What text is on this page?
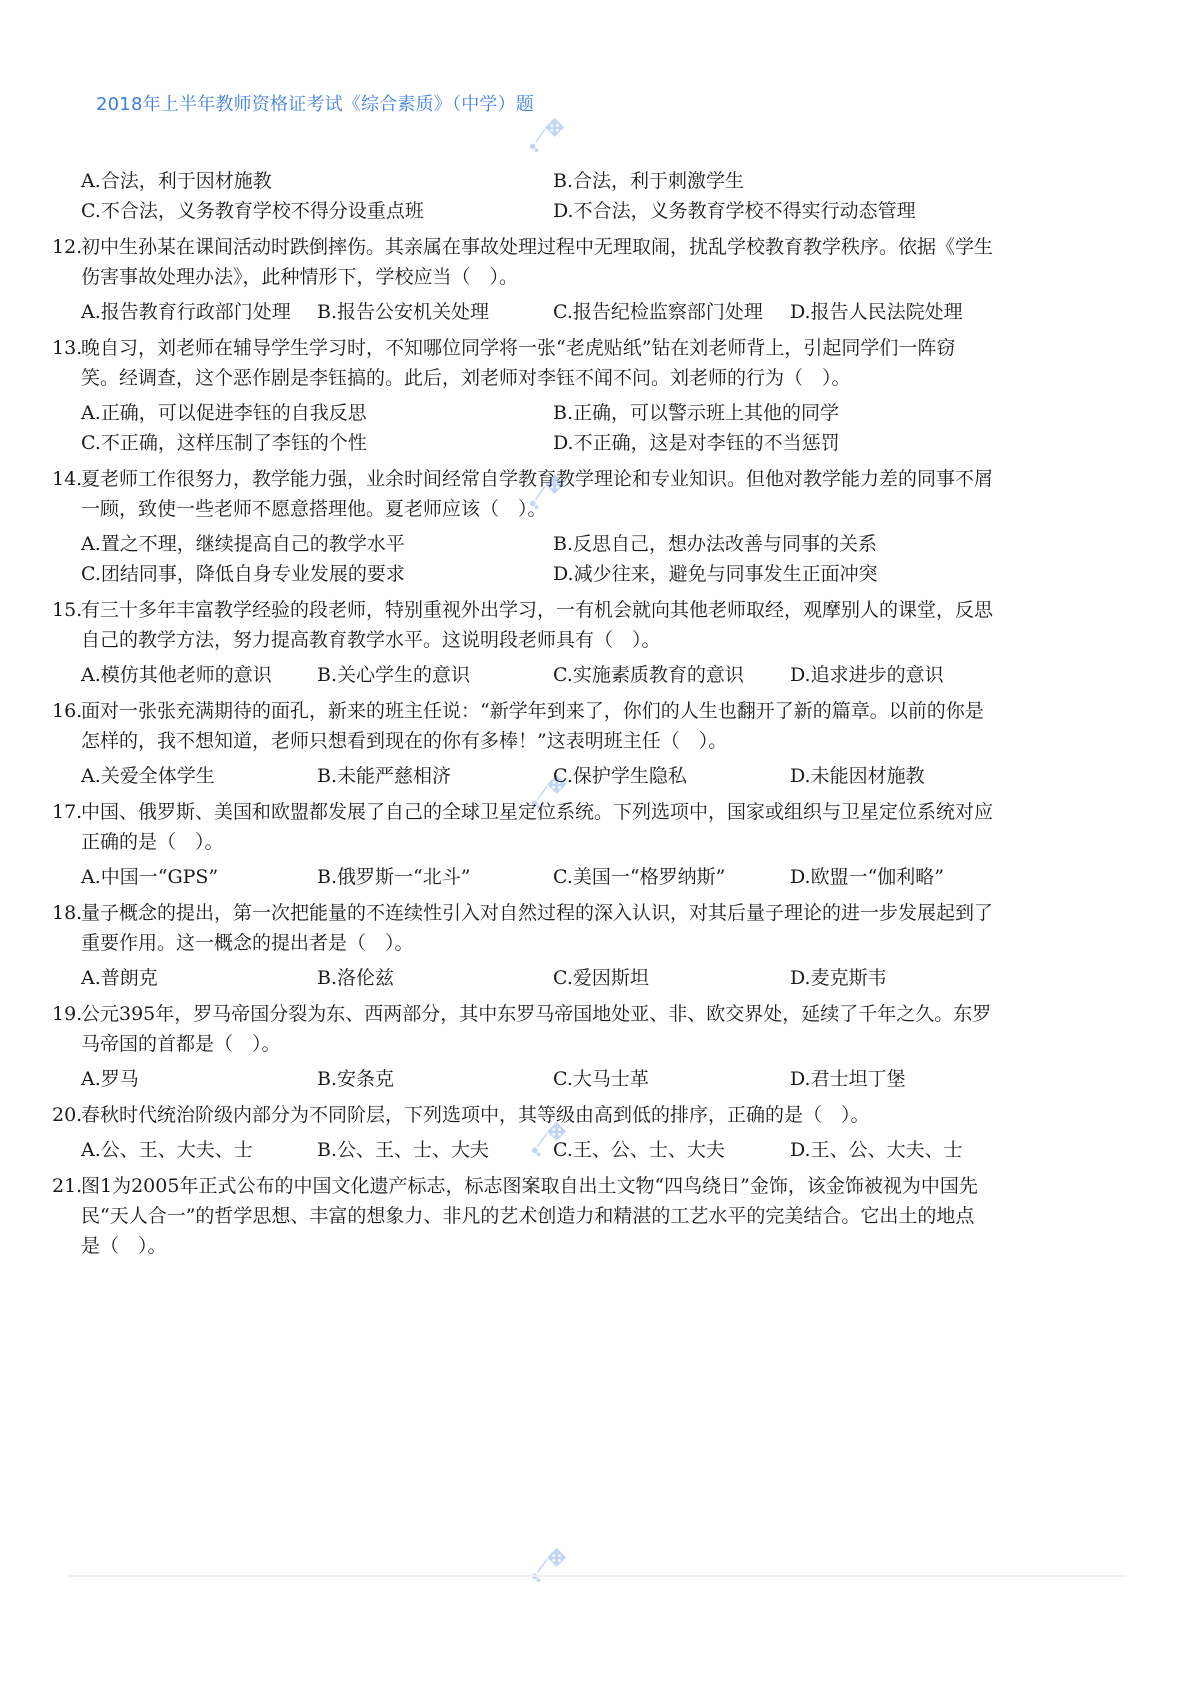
2018年上半年教师资格证考试《综合素质》（中学）题
A.合法，利于因材施教	B.合法，利于刺激学生
C.不合法，义务教育学校不得分设重点班	D.不合法，义务教育学校不得实行动态管理
12.
初中生孙某在课间活动时跌倒摔伤。其亲属在事故处理过程中无理取闹，扰乱学校教育教学秩序。依据《学生
伤害事故处理办法》，此种情形下，学校应当（　）。
A.报告教育行政部门处理 B.报告公安机关处理	C.报告纪检监察部门处理 D.报告人民法院处理
13.
晚自习，刘老师在辅导学生学习时，不知哪位同学将一张“老虎贴纸”钻在刘老师背上，引起同学们一阵窃
笑。经调查，这个恶作剧是李钰搞的。此后，刘老师对李钰不闻不问。刘老师的行为（　）。
A.正确，可以促进李钰的自我反思	B.正确，可以警示班上其他的同学
C.不正确，这样压制了李钰的个性	D.不正确，这是对李钰的不当惩罚
14.
夏老师工作很努力，教学能力强，业余时间经常自学教育教学理论和专业知识。但他对教学能力差的同事不屑
一顾，致使一些老师不愿意搭理他。夏老师应该（　）。
A.置之不理，继续提高自己的教学水平	B.反思自己，想办法改善与同事的关系
C.团结同事，降低自身专业发展的要求	D.减少往来，避免与同事发生正面冲突
15.
有三十多年丰富教学经验的段老师，特别重视外出学习，一有机会就向其他老师取经，观摩别人的课堂，反思
自己的教学方法，努力提高教育教学水平。这说明段老师具有（　）。
A.模仿其他老师的意识 B.关心学生的意识	C.实施素质教育的意识 D.追求进步的意识
16.
面对一张张充满期待的面孔，新来的班主任说：“新学年到来了，你们的人生也翻开了新的篇章。以前的你是
怎样的，我不想知道，老师只想看到现在的你有多棒！”这表明班主任（　）。
A.关爱全体学生	B.未能严慈相济	C.保护学生隐私	D.未能因材施教
17.
中国、俄罗斯、美国和欧盟都发展了自己的全球卫星定位系统。下列选项中，国家或组织与卫星定位系统对应
正确的是（　）。
A.中国一“GPS”	B.俄罗斯一“北斗”	C.美国一“格罗纳斯”	D.欧盟一“伽利略”
18.
量子概念的提出，第一次把能量的不连续性引入对自然过程的深入认识，对其后量子理论的进一步发展起到了
重要作用。这一概念的提出者是（　）。
A.普朗克	B.洛伦兹	C.爱因斯坦	D.麦克斯韦
19.
公元395年，罗马帝国分裂为东、西两部分，其中东罗马帝国地处亚、非、欧交界处，延续了千年之久。东罗
马帝国的首都是（　）。
A.罗马	B.安条克	C.大马士革	D.君士坦丁堡
20.
春秋时代统治阶级内部分为不同阶层，下列选项中，其等级由高到低的排序，正确的是（　）。
A.公、王、大夫、士	B.公、王、士、大夫	C.王、公、士、大夫	D.王、公、大夫、士
21.
图1为2005年正式公布的中国文化遗产标志，标志图案取自出土文物“四鸟绕日”金饰，该金饰被视为中国先
民“天人合一”的哲学思想、丰富的想象力、非凡的艺术创造力和精湛的工艺水平的完美结合。它出土的地点
是（　）。
